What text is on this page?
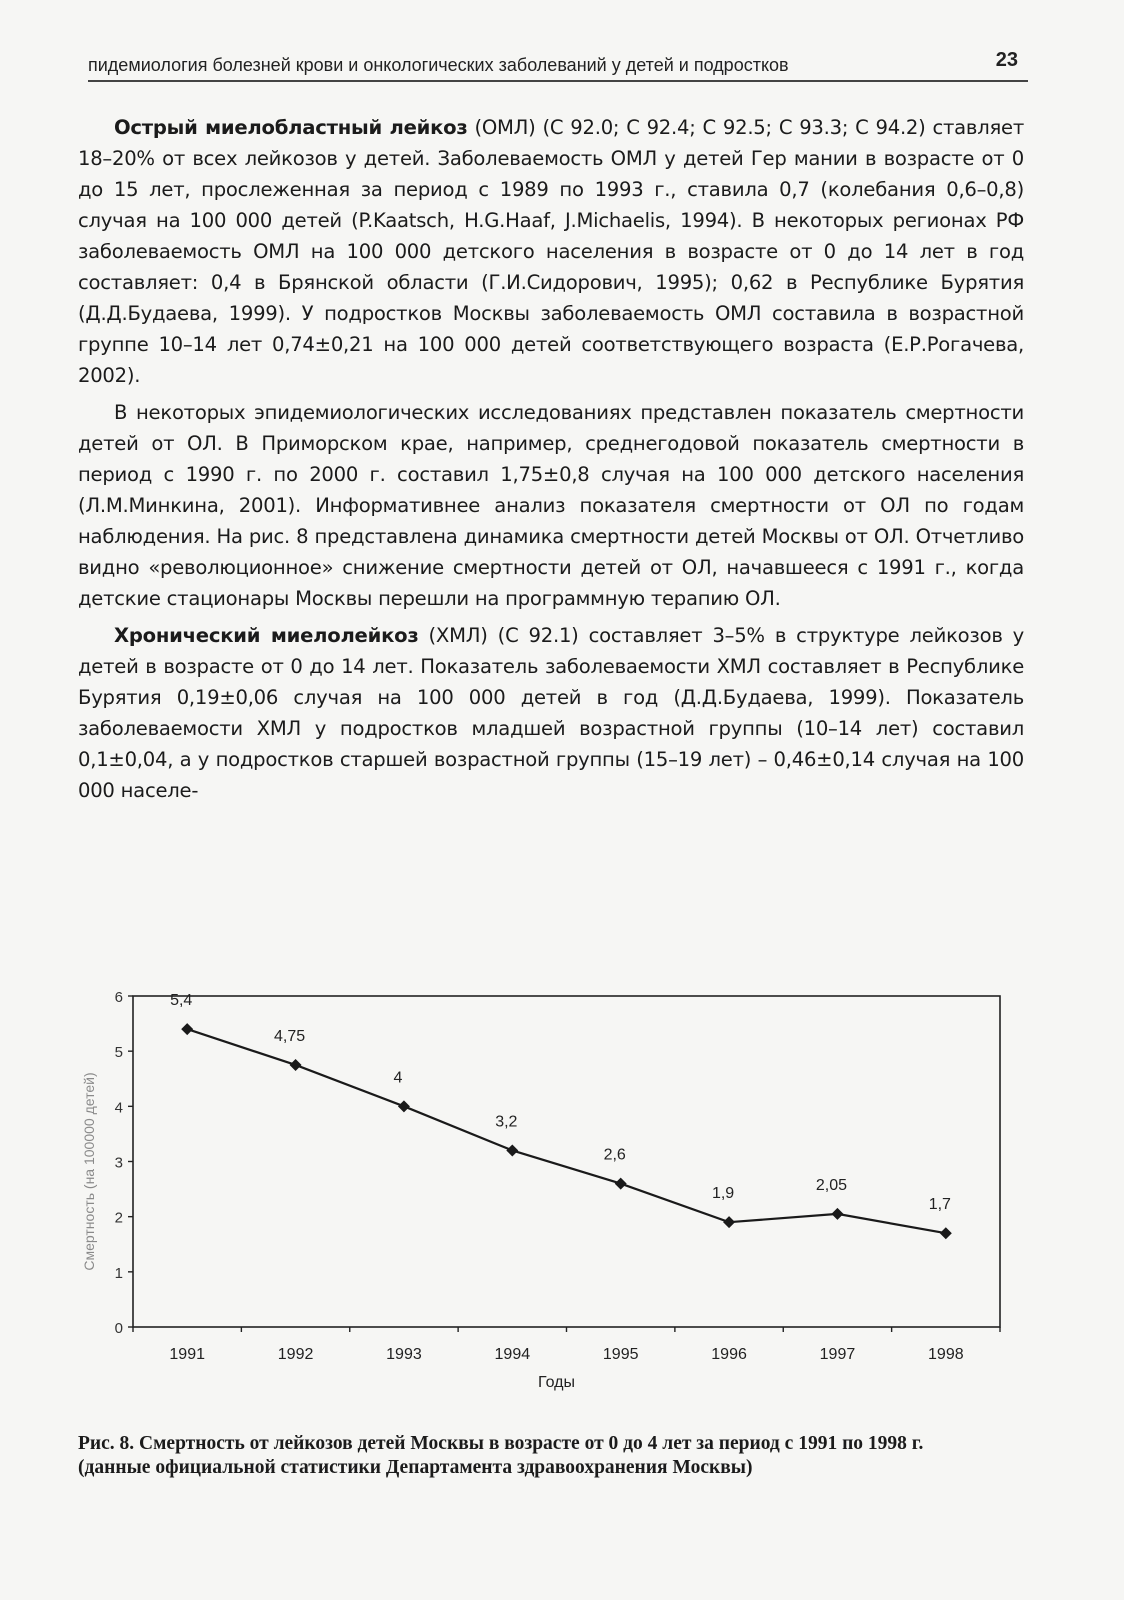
пидемиология болезней крови и онкологических заболеваний у детей и подростков	23

Острый миелобластный лейкоз (ОМЛ) (С 92.0; С 92.4; С 92.5; С 93.3; С 94.2) ставляет 18–20% от всех лейкозов у детей. Заболеваемость ОМЛ у детей Гер мании в возрасте от 0 до 15 лет, прослеженная за период с 1989 по 1993 г., ставила 0,7 (колебания 0,6–0,8) случая на 100 000 детей (P.Kaatsch, H.G.Haaf, J.Michaelis, 1994). В некоторых регионах РФ заболеваемость ОМЛ на 100 000 детского населения в возрасте от 0 до 14 лет в год составляет: 0,4 в Брянской области (Г.И.Сидорович, 1995); 0,62 в Республике Бурятия (Д.Д.Будаева, 1999). У подростков Москвы заболеваемость ОМЛ составила в возрастной группе 10–14 лет 0,74±0,21 на 100 000 детей соответствующего возраста (Е.Р.Рогачева, 2002).

В некоторых эпидемиологических исследованиях представлен показатель смертности детей от ОЛ. В Приморском крае, например, среднегодовой показатель смертности в период с 1990 г. по 2000 г. составил 1,75±0,8 случая на 100 000 детского населения (Л.М.Минкина, 2001). Информативнее анализ показателя смертности от ОЛ по годам наблюдения. На рис. 8 представлена динамика смертности детей Москвы от ОЛ. Отчетливо видно «революционное» снижение смертности детей от ОЛ, начавшееся с 1991 г., когда детские стационары Москвы перешли на программную терапию ОЛ.

Хронический миелолейкоз (ХМЛ) (С 92.1) составляет 3–5% в структуре лейкозов у детей в возрасте от 0 до 14 лет. Показатель заболеваемости ХМЛ составляет в Республике Бурятия 0,19±0,06 случая на 100 000 детей в год (Д.Д.Будаева, 1999). Показатель заболеваемости ХМЛ у подростков младшей возрастной группы (10–14 лет) составил 0,1±0,04, а у подростков старшей возрастной группы (15–19 лет) – 0,46±0,14 случая на 100 000 населе-

0
1
2
3
4
5
6
1991	1992	1993	1994	1995	1996	1997	1998
Годы
Смертность (на 100000 детей)
5,4
4,75
4
3,2
2,6
1,9	2,05
1,7
Рис. 8. Смертность от лейкозов детей Москвы в возрасте от 0 до 4 лет за период с 1991 по 1998 г. (данные официальной статистики Департамента здравоохранения Москвы)
